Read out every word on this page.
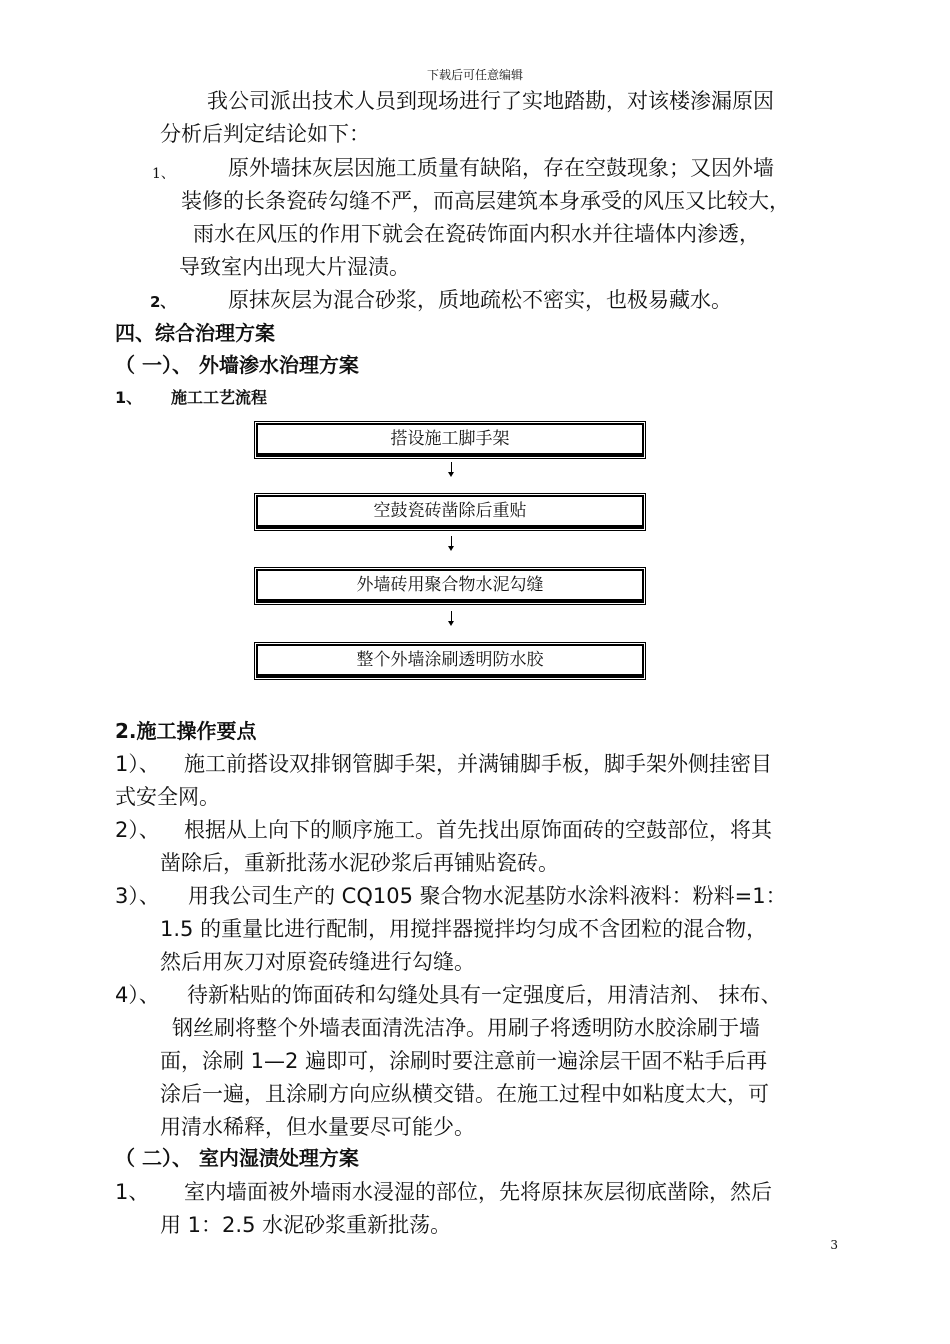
下载后可任意编辑
我公司派出技术人员到现场进行了实地踏勘，对该楼渗漏原因
分析后判定结论如下：
1、	原外墙抹灰层因施工质量有缺陷，存在空鼓现象；又因外墙
装修的长条瓷砖勾缝不严，而高层建筑本身承受的风压又比较大，
雨水在风压的作用下就会在瓷砖饰面内积水并往墙体内渗透，
导致室内出现大片湿渍。
2、	原抹灰层为混合砂浆，质地疏松不密实，也极易藏水。
四、综合治理方案
（ 一）、 外墙渗水治理方案
1、 施工工艺流程
搭设施工脚手架
空鼓瓷砖凿除后重贴
外墙砖用聚合物水泥勾缝
整个外墙涂刷透明防水胶
2.施工操作要点
1）、 施工前搭设双排钢管脚手架，并满铺脚手板，脚手架外侧挂密目
式安全网。
2）、 根据从上向下的顺序施工。首先找出原饰面砖的空鼓部位，将其
凿除后，重新批荡水泥砂浆后再铺贴瓷砖。
3）、 用我公司生产的 CQ105 聚合物水泥基防水涂料液料：粉料=1：
1.5 的重量比进行配制，用搅拌器搅拌均匀成不含团粒的混合物，
然后用灰刀对原瓷砖缝进行勾缝。
4）、 待新粘贴的饰面砖和勾缝处具有一定强度后，用清洁剂、 抹布、
钢丝刷将整个外墙表面清洗洁净。用刷子将透明防水胶涂刷于墙
面，涂刷 1—2 遍即可，涂刷时要注意前一遍涂层干固不粘手后再
涂后一遍，且涂刷方向应纵横交错。在施工过程中如粘度太大，可
用清水稀释，但水量要尽可能少。
（ 二）、 室内湿渍处理方案
1、 室内墙面被外墙雨水浸湿的部位，先将原抹灰层彻底凿除，然后
用 1：2.5 水泥砂浆重新批荡。
3
